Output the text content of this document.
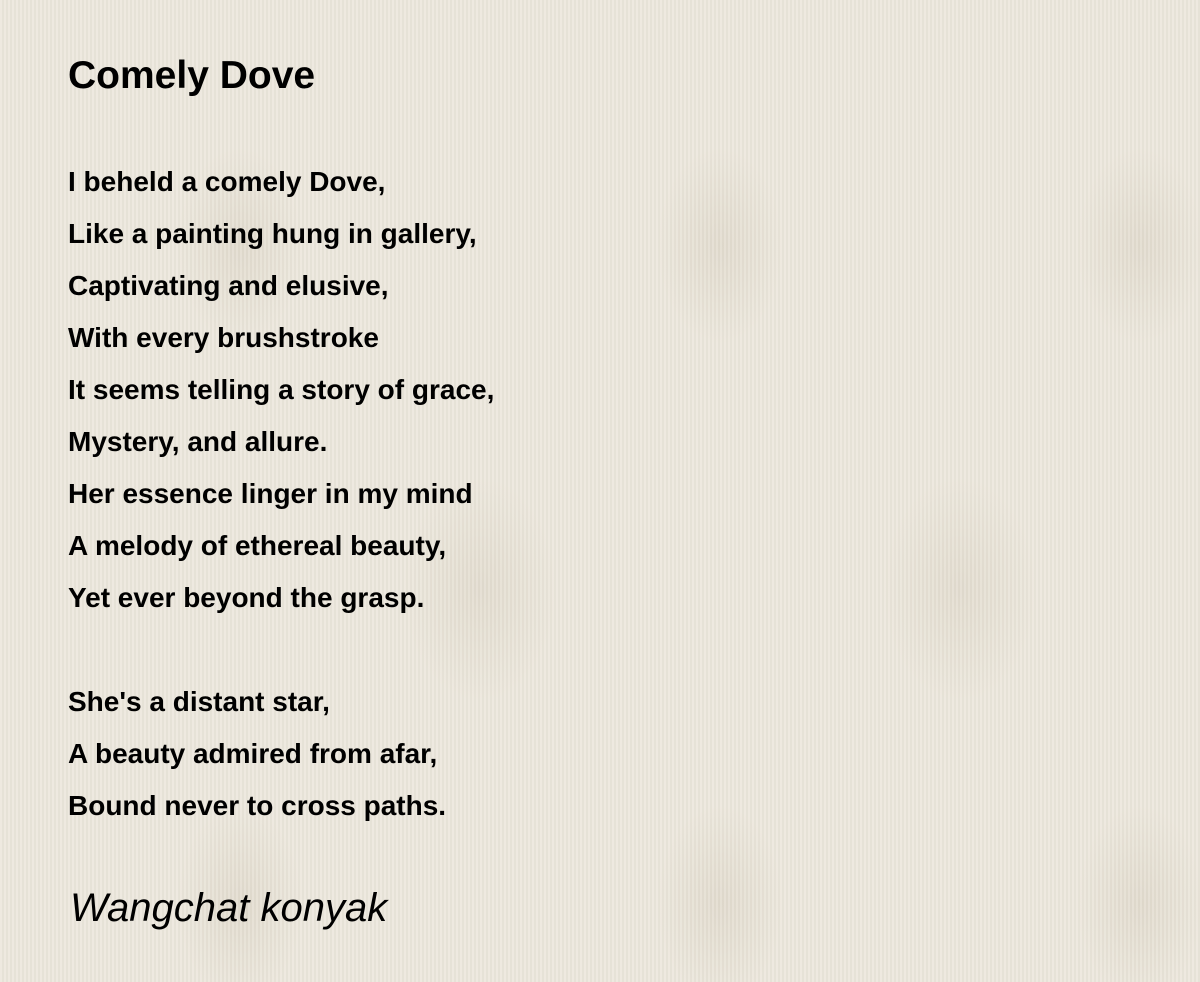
Comely Dove
I beheld a comely Dove,
Like a painting hung in gallery,
Captivating and elusive,
With every brushstroke
It seems telling a story of grace,
Mystery, and allure.
Her essence linger in my mind
A melody of ethereal beauty,
Yet ever beyond the grasp.
She's a distant star,
A beauty admired from afar,
Bound never to cross paths.
Wangchat konyak
